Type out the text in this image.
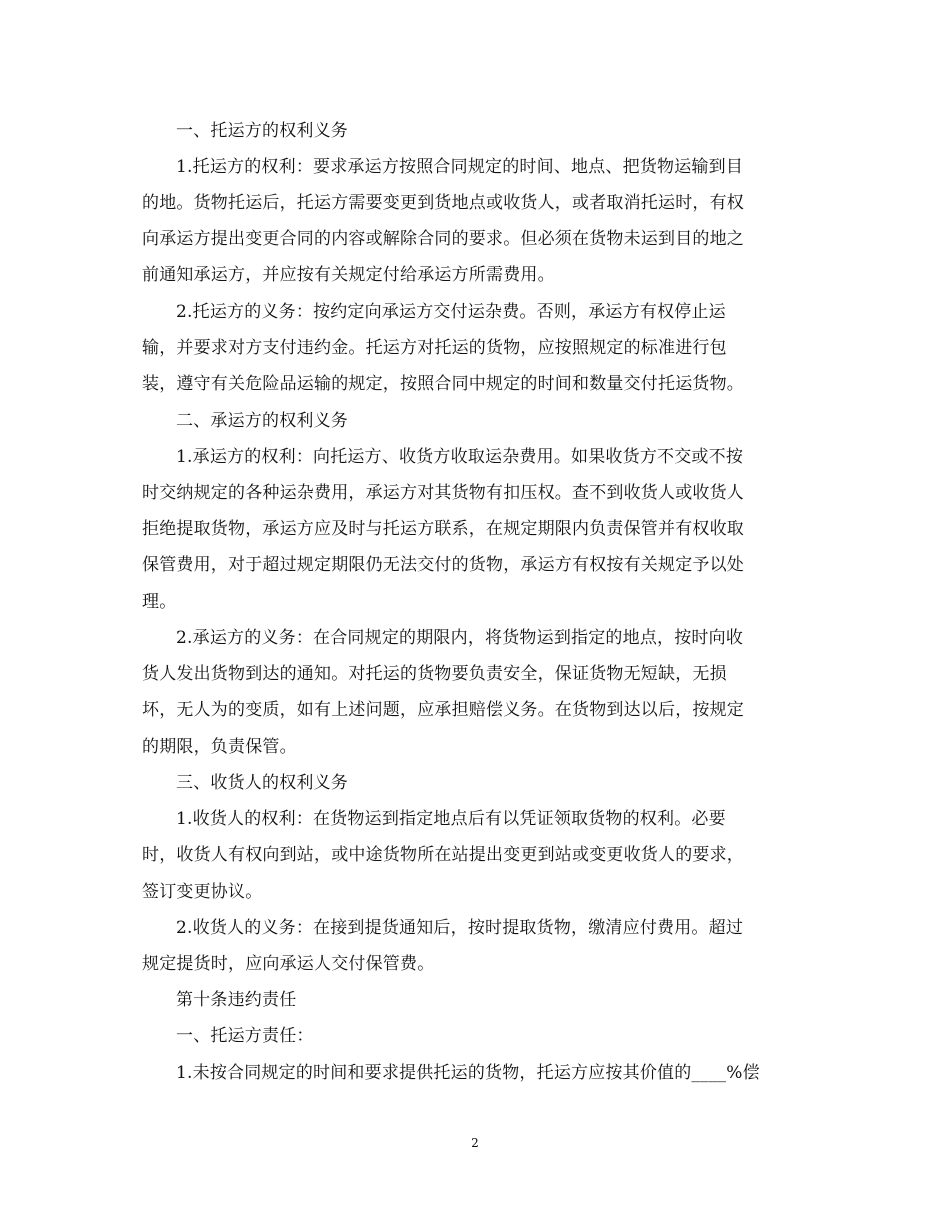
一、托运方的权利义务
1.托运方的权利：要求承运方按照合同规定的时间、地点、把货物运输到目
的地。货物托运后，托运方需要变更到货地点或收货人，或者取消托运时，有权
向承运方提出变更合同的内容或解除合同的要求。但必须在货物未运到目的地之
前通知承运方，并应按有关规定付给承运方所需费用。
2.托运方的义务：按约定向承运方交付运杂费。否则，承运方有权停止运
输，并要求对方支付违约金。托运方对托运的货物，应按照规定的标准进行包
装，遵守有关危险品运输的规定，按照合同中规定的时间和数量交付托运货物。
二、承运方的权利义务
1.承运方的权利：向托运方、收货方收取运杂费用。如果收货方不交或不按
时交纳规定的各种运杂费用，承运方对其货物有扣压权。查不到收货人或收货人
拒绝提取货物，承运方应及时与托运方联系，在规定期限内负责保管并有权收取
保管费用，对于超过规定期限仍无法交付的货物，承运方有权按有关规定予以处
理。
2.承运方的义务：在合同规定的期限内，将货物运到指定的地点，按时向收
货人发出货物到达的通知。对托运的货物要负责安全，保证货物无短缺，无损
坏，无人为的变质，如有上述问题，应承担赔偿义务。在货物到达以后，按规定
的期限，负责保管。
三、收货人的权利义务
1.收货人的权利：在货物运到指定地点后有以凭证领取货物的权利。必要
时，收货人有权向到站，或中途货物所在站提出变更到站或变更收货人的要求，
签订变更协议。
2.收货人的义务：在接到提货通知后，按时提取货物，缴清应付费用。超过
规定提货时，应向承运人交付保管费。
第十条违约责任
一、托运方责任：
1.未按合同规定的时间和要求提供托运的货物，托运方应按其价值的____%偿
2
